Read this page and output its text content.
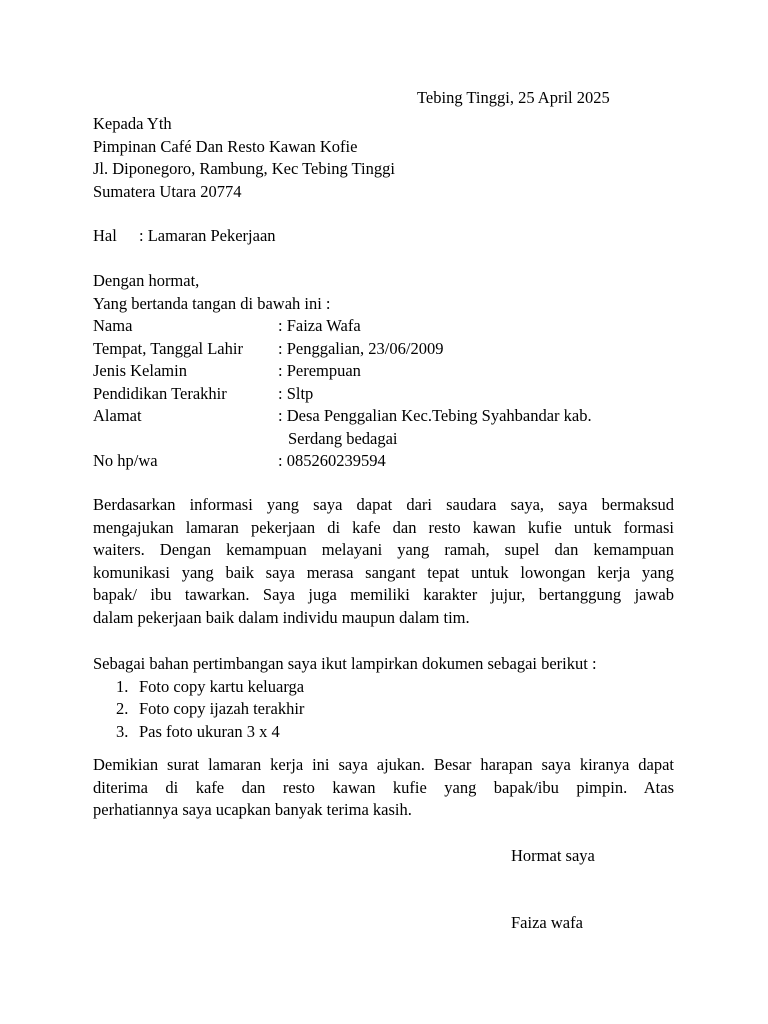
Tebing Tinggi, 25 April 2025
Kepada Yth
Pimpinan Café Dan Resto Kawan Kofie
Jl. Diponegoro, Rambung, Kec Tebing Tinggi
Sumatera Utara 20774
Hal : Lamaran Pekerjaan
Dengan hormat,
Yang bertanda tangan di bawah ini :
Nama	: Faiza Wafa
Tempat, Tanggal Lahir : Penggalian, 23/06/2009
Jenis Kelamin	: Perempuan
Pendidikan Terakhir	: Sltp
Alamat	: Desa Penggalian Kec.Tebing Syahbandar kab.
Serdang bedagai
No hp/wa	: 085260239594
Berdasarkan informasi yang saya dapat dari saudara saya, saya bermaksud
mengajukan lamaran pekerjaan di kafe dan resto kawan kufie untuk formasi
waiters. Dengan kemampuan melayani yang ramah, supel dan kemampuan
komunikasi yang baik saya merasa sangant tepat untuk lowongan kerja yang
bapak/ ibu tawarkan. Saya juga memiliki karakter jujur, bertanggung jawab
dalam pekerjaan baik dalam individu maupun dalam tim.
Sebagai bahan pertimbangan saya ikut lampirkan dokumen sebagai berikut :
1. Foto copy kartu keluarga
2. Foto copy ijazah terakhir
3. Pas foto ukuran 3 x 4
Demikian surat lamaran kerja ini saya ajukan. Besar harapan saya kiranya dapat
diterima di kafe dan resto kawan kufie yang bapak/ibu pimpin. Atas
perhatiannya saya ucapkan banyak terima kasih.
Hormat saya
Faiza wafa
